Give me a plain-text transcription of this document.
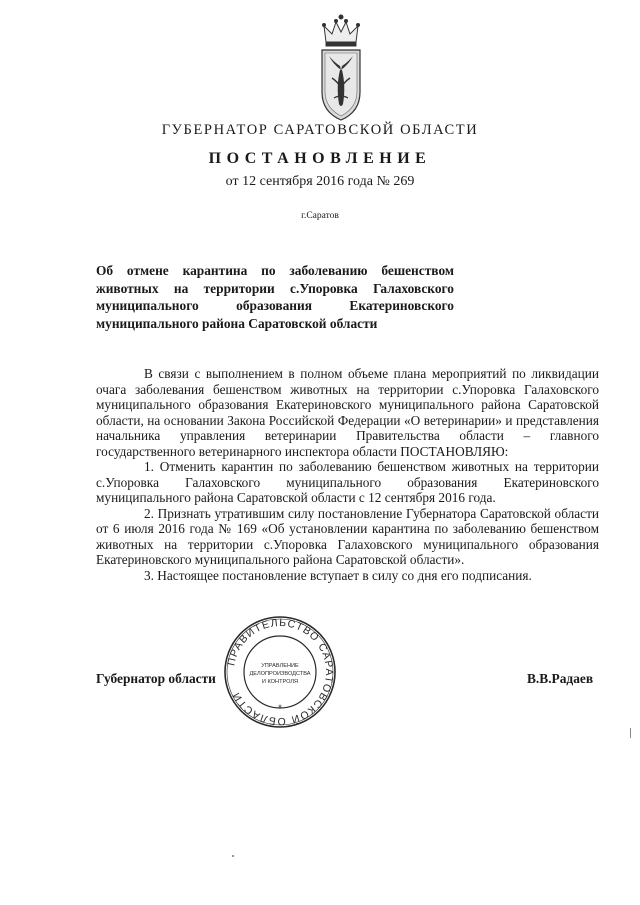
ГУБЕРНАТОР САРАТОВСКОЙ ОБЛАСТИ
ПОСТАНОВЛЕНИЕ
от 12 сентября 2016 года № 269
г.Саратов
Об отмене карантина по заболеванию бешенством животных на территории с.Упоровка Галаховского муниципального образования Екатериновского муниципального района Саратовской области

В связи с выполнением в полном объеме плана мероприятий по ликвидации очага заболевания бешенством животных на территории с.Упоровка Галаховского муниципального образования Екатериновского муниципального района Саратовской области, на основании Закона Российской Федерации «О ветеринарии» и представления начальника управления ветеринарии Правительства области – главного государственного ветеринарного инспектора области ПОСТАНОВЛЯЮ:

1. Отменить карантин по заболеванию бешенством животных на территории с.Упоровка Галаховского муниципального образования Екатериновского муниципального района Саратовской области с 12 сентября 2016 года.

2. Признать утратившим силу постановление Губернатора Саратовской области от 6 июля 2016 года № 169 «Об установлении карантина по заболеванию бешенством животных на территории с.Упоровка Галаховского муниципального образования Екатериновского муниципального района Саратовской области».

3. Настоящее постановление вступает в силу со дня его подписания.

Губернатор области	В.В.Радаев
ПРАВИТЕЛЬСТВО САРАТОВСКОЙ ОБЛАСТИ
*
УПРАВЛЕНИЕ
ДЕЛОПРОИЗВОДСТВА
И КОНТРОЛЯ
